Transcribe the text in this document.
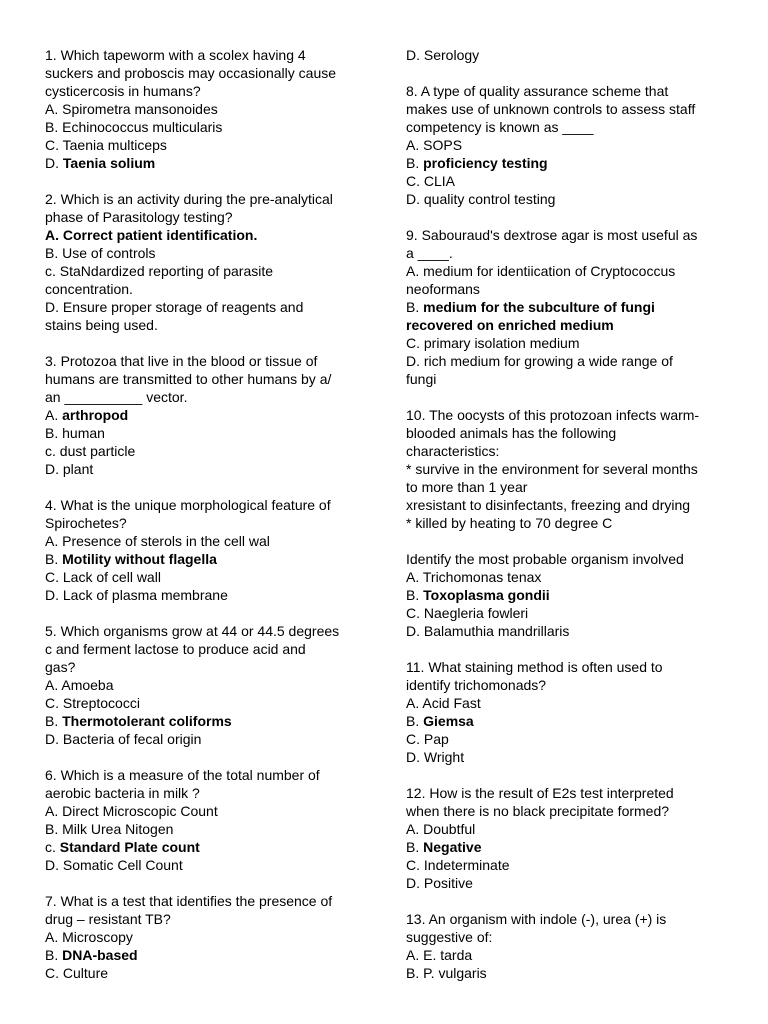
1. Which tapeworm with a scolex having 4
suckers and proboscis may occasionally cause
cysticercosis in humans?
A. Spirometra mansonoides
B. Echinococcus multicularis
C. Taenia multiceps
D. Taenia solium
2. Which is an activity during the pre-analytical
phase of Parasitology testing?
A. Correct patient identification.
B. Use of controls
c. StaNdardized reporting of parasite
concentration.
D. Ensure proper storage of reagents and
stains being used.
3. Protozoa that live in the blood or tissue of
humans are transmitted to other humans by a/
an __________ vector.
A. arthropod
B. human
c. dust particle
D. plant
4. What is the unique morphological feature of
Spirochetes?
A. Presence of sterols in the cell wal
B. Motility without flagella
C. Lack of cell wall
D. Lack of plasma membrane
5. Which organisms grow at 44 or 44.5 degrees
c and ferment lactose to produce acid and
gas?
A. Amoeba
C. Streptococci
B. Thermotolerant coliforms
D. Bacteria of fecal origin
6. Which is a measure of the total number of
aerobic bacteria in milk ?
A. Direct Microscopic Count
B. Milk Urea Nitogen
c. Standard Plate count
D. Somatic Cell Count
7. What is a test that identifies the presence of
drug – resistant TB?
A. Microscopy
B. DNA-based
C. Culture
D. Serology
8. A type of quality assurance scheme that
makes use of unknown controls to assess staff
competency is known as ____
A. SOPS
B. proficiency testing
C. CLIA
D. quality control testing
9. Sabouraud's dextrose agar is most useful as
a ____.
A. medium for identiication of Cryptococcus
neoformans
B. medium for the subculture of fungi
recovered on enriched medium
C. primary isolation medium
D. rich medium for growing a wide range of
fungi
10. The oocysts of this protozoan infects warm-
blooded animals has the following
characteristics:
* survive in the environment for several months
to more than 1 year
xresistant to disinfectants, freezing and drying
* killed by heating to 70 degree C

Identify the most probable organism involved
A. Trichomonas tenax
B. Toxoplasma gondii
C. Naegleria fowleri
D. Balamuthia mandrillaris
11. What staining method is often used to
identify trichomonads?
A. Acid Fast
B. Giemsa
C. Pap
D. Wright
12. How is the result of E2s test interpreted
when there is no black precipitate formed?
A. Doubtful
B. Negative
C. Indeterminate
D. Positive
13. An organism with indole (-), urea (+) is
suggestive of:
A. E. tarda
B. P. vulgaris
